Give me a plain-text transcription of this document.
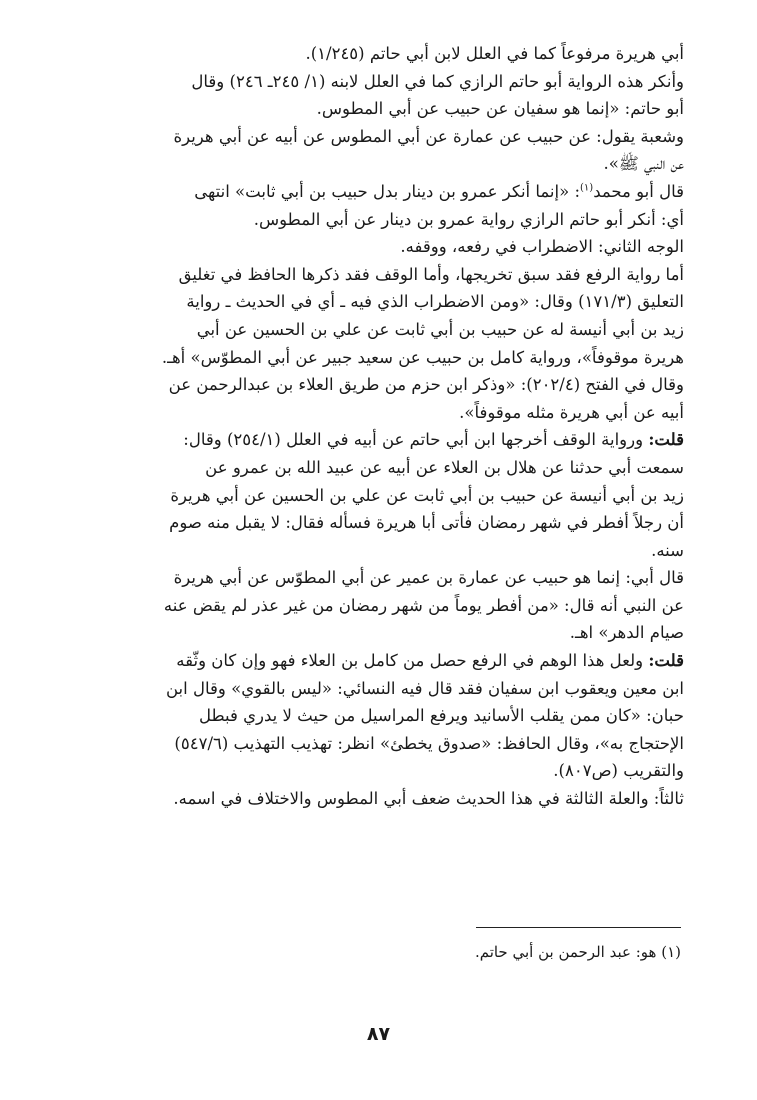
أبي هريرة مرفوعاً كما في العلل لابن أبي حاتم (١/٢٤٥).
وأنكر هذه الرواية أبو حاتم الرازي كما في العلل لابنه (١/ ٢٤٥ـ ٢٤٦) وقال
أبو حاتم: «إنما هو سفيان عن حبيب عن أبي المطوس.
وشعبة يقول: عن حبيب عن عمارة عن أبي المطوس عن أبيه عن أبي هريرة
عن النبي ﷺ».
قال أبو محمد$^{(١)}$: «إنما أنكر عمرو بن دينار بدل حبيب بن أبي ثابت» انتهى
أي: أنكر أبو حاتم الرازي رواية عمرو بن دينار عن أبي المطوس.
الوجه الثاني: الاضطراب في رفعه، ووقفه.
أما رواية الرفع فقد سبق تخريجها، وأما الوقف فقد ذكرها الحافظ في تغليق
التعليق (١٧١/٣) وقال: «ومن الاضطراب الذي فيه ـ أي في الحديث ـ رواية
زيد بن أبي أنيسة له عن حبيب بن أبي ثابت عن علي بن الحسين عن أبي
هريرة موقوفاً»، ورواية كامل بن حبيب عن سعيد جبير عن أبي المطوّس» أهـ.
وقال في الفتح (٢٠٢/٤): «وذكر ابن حزم من طريق العلاء بن عبدالرحمن عن
أبيه عن أبي هريرة مثله موقوفاً».
قلت: ورواية الوقف أخرجها ابن أبي حاتم عن أبيه في العلل (٢٥٤/١) وقال:
سمعت أبي حدثنا عن هلال بن العلاء عن أبيه عن عبيد الله بن عمرو عن
زيد بن أبي أنيسة عن حبيب بن أبي ثابت عن علي بن الحسين عن أبي هريرة
أن رجلاً أفطر في شهر رمضان فأتى أبا هريرة فسأله فقال: لا يقبل منه صوم
سنه.
قال أبي: إنما هو حبيب عن عمارة بن عمير عن أبي المطوّس عن أبي هريرة
عن النبي أنه قال: «من أفطر يوماً من شهر رمضان من غير عذر لم يقض عنه
صيام الدهر» اهـ.
قلت: ولعل هذا الوهم في الرفع حصل من كامل بن العلاء فهو وإن كان وثّقه
ابن معين ويعقوب ابن سفيان فقد قال فيه النسائي: «ليس بالقوي» وقال ابن
حبان: «كان ممن يقلب الأسانيد ويرفع المراسيل من حيث لا يدري فبطل
الإحتجاج به»، وقال الحافظ: «صدوق يخطئ» انظر: تهذيب التهذيب (٥٤٧/٦)
والتقريب (ص٨٠٧).
ثالثاً: والعلة الثالثة في هذا الحديث ضعف أبي المطوس والاختلاف في اسمه.
(١) هو: عبد الرحمن بن أبي حاتم.
٨٧
